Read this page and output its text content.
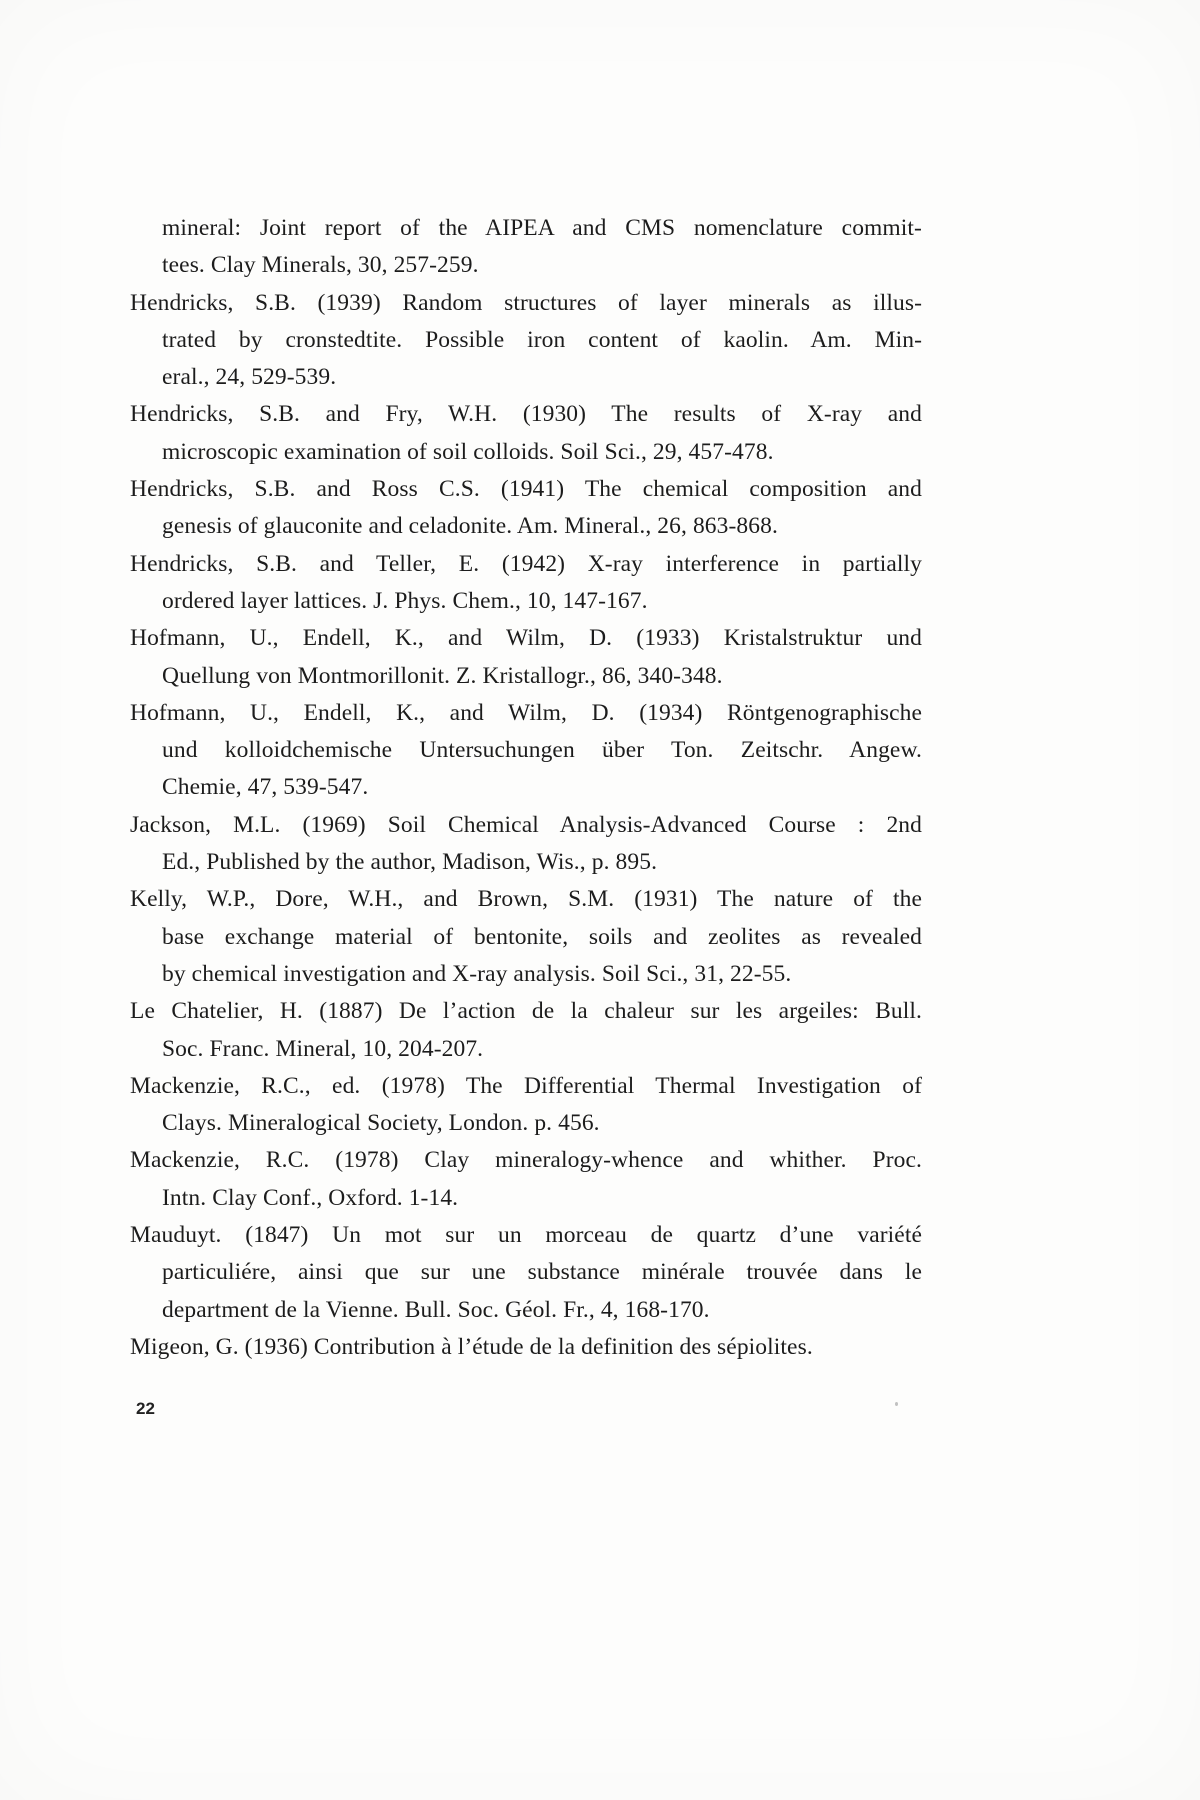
mineral: Joint report of the AIPEA and CMS nomenclature commit-
tees. Clay Minerals, 30, 257-259.
Hendricks, S.B. (1939) Random structures of layer minerals as illus-
trated by cronstedtite. Possible iron content of kaolin. Am. Min-
eral., 24, 529-539.
Hendricks, S.B. and Fry, W.H. (1930) The results of X-ray and
microscopic examination of soil colloids. Soil Sci., 29, 457-478.
Hendricks, S.B. and Ross C.S. (1941) The chemical composition and
genesis of glauconite and celadonite. Am. Mineral., 26, 863-868.
Hendricks, S.B. and Teller, E. (1942) X-ray interference in partially
ordered layer lattices. J. Phys. Chem., 10, 147-167.
Hofmann, U., Endell, K., and Wilm, D. (1933) Kristalstruktur und
Quellung von Montmorillonit. Z. Kristallogr., 86, 340-348.
Hofmann, U., Endell, K., and Wilm, D. (1934) Röntgenographische
und kolloidchemische Untersuchungen über Ton. Zeitschr. Angew.
Chemie, 47, 539-547.
Jackson, M.L. (1969) Soil Chemical Analysis-Advanced Course : 2nd
Ed., Published by the author, Madison, Wis., p. 895.
Kelly, W.P., Dore, W.H., and Brown, S.M. (1931) The nature of the
base exchange material of bentonite, soils and zeolites as revealed
by chemical investigation and X-ray analysis. Soil Sci., 31, 22-55.
Le Chatelier, H. (1887) De l’action de la chaleur sur les argeiles: Bull.
Soc. Franc. Mineral, 10, 204-207.
Mackenzie, R.C., ed. (1978) The Differential Thermal Investigation of
Clays. Mineralogical Society, London. p. 456.
Mackenzie, R.C. (1978) Clay mineralogy-whence and whither. Proc.
Intn. Clay Conf., Oxford. 1-14.
Mauduyt. (1847) Un mot sur un morceau de quartz d’une variété
particuliére, ainsi que sur une substance minérale trouvée dans le
department de la Vienne. Bull. Soc. Géol. Fr., 4, 168-170.
Migeon, G. (1936) Contribution à l’étude de la definition des sépiolites.
22
